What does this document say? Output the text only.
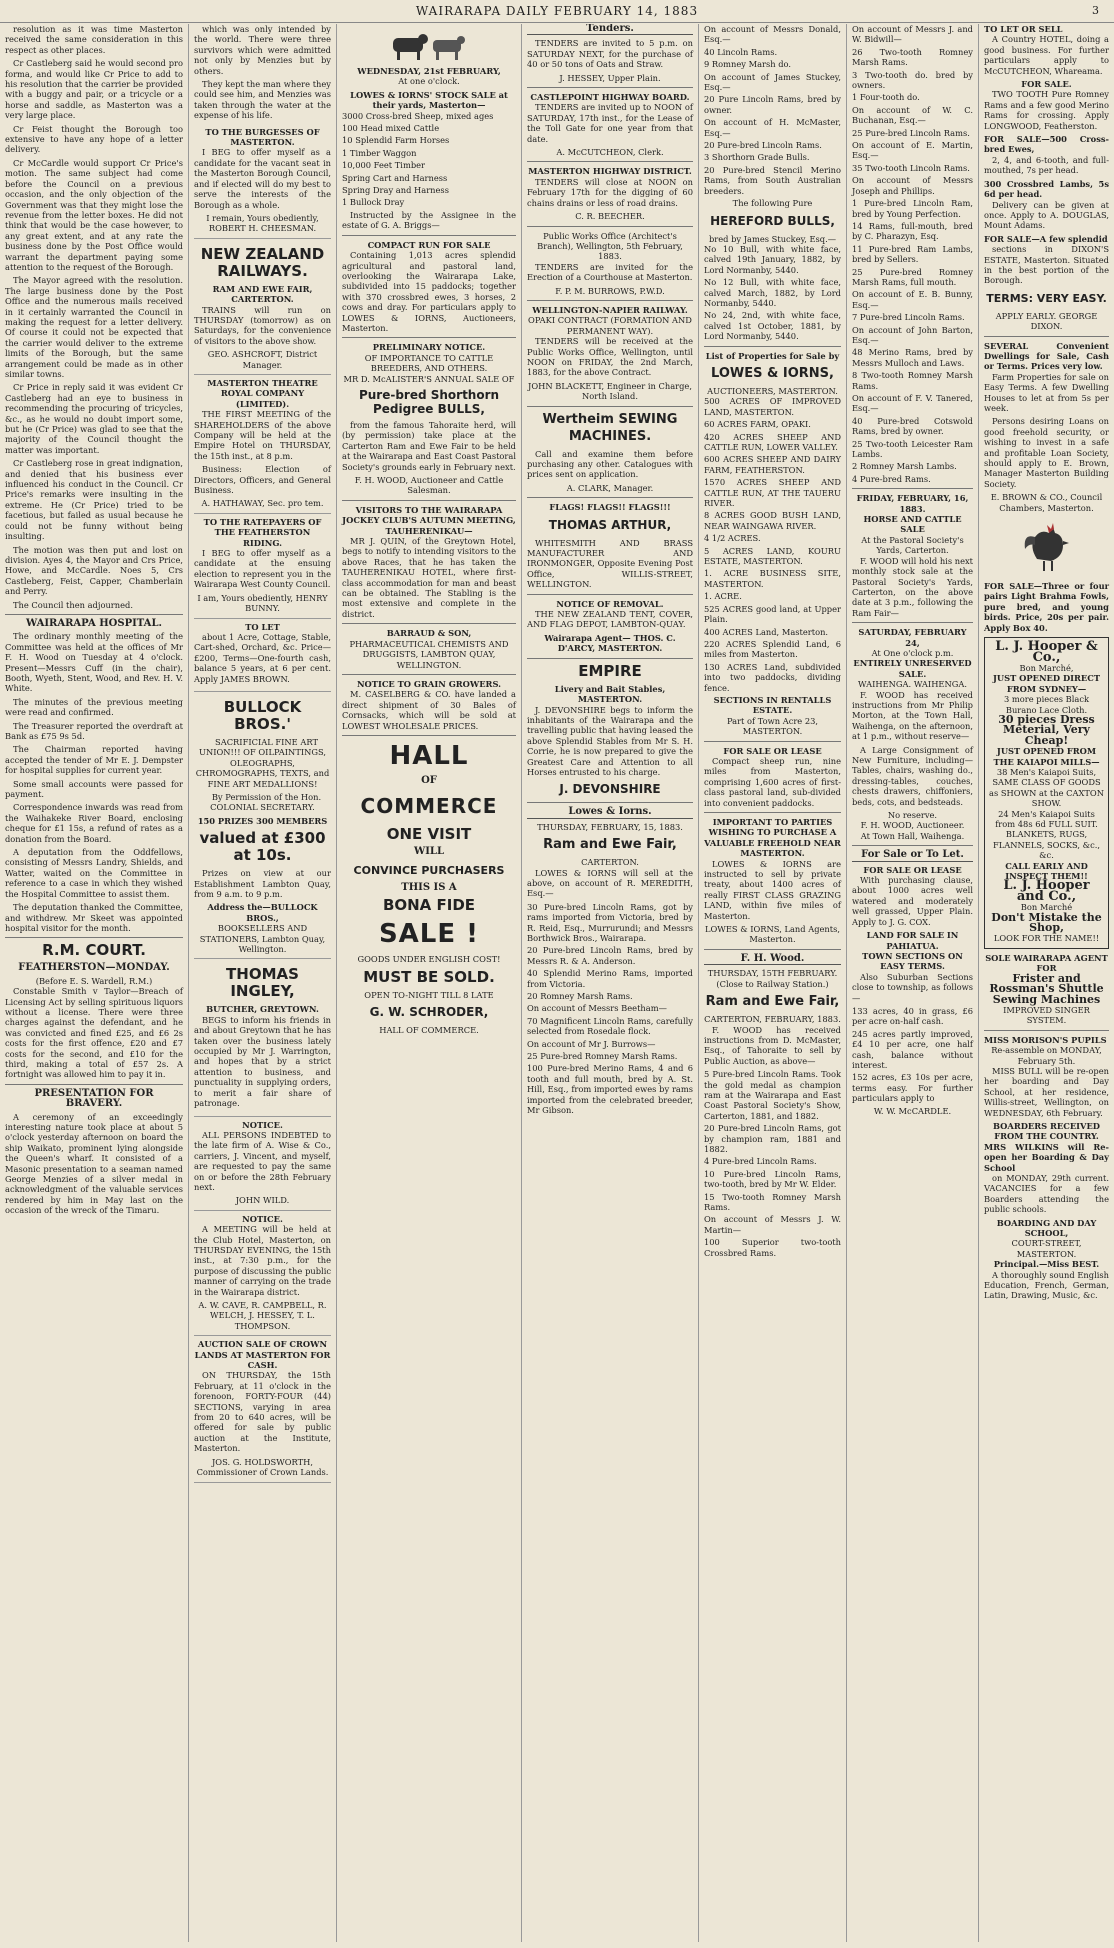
WAIRARAPA DAILY FEBRUARY 14, 1883	3

resolution as it was time Masterton received the same consideration in this respect as other places.

Cr Castleberg said he would second pro forma, and would like Cr Price to add to his resolution that the carrier be provided with a buggy and pair, or a tricycle or a horse and saddle, as Masterton was a very large place.

Cr Feist thought the Borough too extensive to have any hope of a letter delivery.

Cr McCardle would support Cr Price's motion. The same subject had come before the Council on a previous occasion, and the only objection of the Government was that they might lose the revenue from the letter boxes. He did not think that would be the case however, to any great extent, and at any rate the business done by the Post Office would warrant the department paying some attention to the request of the Borough.

The Mayor agreed with the resolution. The large business done by the Post Office and the numerous mails received in it certainly warranted the Council in making the request for a letter delivery. Of course it could not be expected that the carrier would deliver to the extreme limits of the Borough, but the same arrangement could be made as in other similar towns.

Cr Price in reply said it was evident Cr Castleberg had an eye to business in recommending the procuring of tricycles, &c., as he would no doubt import some, but he (Cr Price) was glad to see that the majority of the Council thought the matter was important.

Cr Castleberg rose in great indignation, and denied that his business ever influenced his conduct in the Council. Cr Price's remarks were insulting in the extreme. He (Cr Price) tried to be facetious, but failed as usual because he could not be funny without being insulting.

The motion was then put and lost on division. Ayes 4, the Mayor and Crs Price, Howe, and McCardle. Noes 5, Crs Castleberg, Feist, Capper, Chamberlain and Perry.

The Council then adjourned.

WAIRARAPA HOSPITAL.

The ordinary monthly meeting of the Committee was held at the offices of Mr F. H. Wood on Tuesday at 4 o'clock. Present—Messrs Cuff (in the chair), Booth, Wyeth, Stent, Wood, and Rev. H. V. White.

The minutes of the previous meeting were read and confirmed.

The Treasurer reported the overdraft at Bank as £75 9s 5d.

The Chairman reported having accepted the tender of Mr E. J. Dempster for hospital supplies for current year.

Some small accounts were passed for payment.

Correspondence inwards was read from the Waihakeke River Board, enclosing cheque for £1 15s, a refund of rates as a donation from the Board.

A deputation from the Oddfellows, consisting of Messrs Landry, Shields, and Watter, waited on the Committee in reference to a case in which they wished the Hospital Committee to assist them.

The deputation thanked the Committee, and withdrew. Mr Skeet was appointed hospital visitor for the month.

R.M. COURT.
FEATHERSTON—MONDAY.
(Before E. S. Wardell, R.M.)

Constable Smith v Taylor—Breach of Licensing Act by selling spirituous liquors without a license. There were three charges against the defendant, and he was convicted and fined £25, and £6 2s costs for the first offence, £20 and £7 costs for the second, and £10 for the third, making a total of £57 2s. A fortnight was allowed him to pay it in.

PRESENTATION FOR BRAVERY.

A ceremony of an exceedingly interesting nature took place at about 5 o'clock yesterday afternoon on board the ship Waikato, prominent lying alongside the Queen's wharf. It consisted of a Masonic presentation to a seaman named George Menzies of a silver medal in acknowledgment of the valuable services rendered by him in May last on the occasion of the wreck of the Timaru.

which was only intended by the world. There were three survivors which were admitted not only by Menzies but by others.

They kept the man where they could see him, and Menzies was taken through the water at the expense of his life.

TO THE BURGESSES OF MASTERTON.

I BEG to offer myself as a candidate for the vacant seat in the Masterton Borough Council, and if elected will do my best to serve the interests of the Borough as a whole.

I remain, Yours obediently, ROBERT H. CHEESMAN.
NEW ZEALAND RAILWAYS.
RAM AND EWE FAIR, CARTERTON.

TRAINS will run on THURSDAY (tomorrow) as on Saturdays, for the convenience of visitors to the above show.

GEO. ASHCROFT, District Manager.
MASTERTON THEATRE ROYAL COMPANY (LIMITED).

THE FIRST MEETING of the SHAREHOLDERS of the above Company will be held at the Empire Hotel on THURSDAY, the 15th inst., at 8 p.m.

Business: Election of Directors, Officers, and General Business.

A. HATHAWAY, Sec. pro tem.
TO THE RATEPAYERS OF THE FEATHERSTON RIDING.

I BEG to offer myself as a candidate at the ensuing election to represent you in the Wairarapa West County Council.

I am, Yours obediently, HENRY BUNNY.
TO LET

about 1 Acre, Cottage, Stable, Cart-shed, Orchard, &c. Price—£200, Terms—One-fourth cash, balance 5 years, at 6 per cent. Apply JAMES BROWN.

BULLOCK BROS.'

SACRIFICIAL FINE ART UNION!!! OF OILPAINTINGS, OLEOGRAPHS, CHROMOGRAPHS, TEXTS, and FINE ART MEDALLIONS!

By Permission of the Hon. COLONIAL SECRETARY.

150 PRIZES 300 MEMBERS
valued at £300 at 10s.

Prizes on view at our Establishment Lambton Quay, from 9 a.m. to 9 p.m.

Address the—BULLOCK BROS.,
BOOKSELLERS AND STATIONERS, Lambton Quay, Wellington.
THOMAS INGLEY,
BUTCHER, GREYTOWN.

BEGS to inform his friends in and about Greytown that he has taken over the business lately occupied by Mr J. Warrington, and hopes that by a strict attention to business, and punctuality in supplying orders, to merit a fair share of patronage.

NOTICE.

ALL PERSONS INDEBTED to the late firm of A. Wise & Co., carriers, J. Vincent, and myself, are requested to pay the same on or before the 28th February next.

JOHN WILD.
NOTICE.

A MEETING will be held at the Club Hotel, Masterton, on THURSDAY EVENING, the 15th inst., at 7:30 p.m., for the purpose of discussing the public manner of carrying on the trade in the Wairarapa district.

A. W. CAVE, R. CAMPBELL, R. WELCH, J. HESSEY, T. L. THOMPSON.
AUCTION SALE OF CROWN LANDS AT MASTERTON FOR CASH.

ON THURSDAY, the 15th February, at 11 o'clock in the forenoon, FORTY-FOUR (44) SECTIONS, varying in area from 20 to 640 acres, will be offered for sale by public auction at the Institute, Masterton.

JOS. G. HOLDSWORTH, Commissioner of Crown Lands.
WEDNESDAY, 21st FEBRUARY,
At one o'clock.
LOWES & IORNS' STOCK SALE at their yards, Masterton—
3000 Cross-bred Sheep, mixed ages
100 Head mixed Cattle
10 Splendid Farm Horses
1 Timber Waggon
10,000 Feet Timber
Spring Cart and Harness
Spring Dray and Harness
1 Bullock Dray

Instructed by the Assignee in the estate of G. A. Briggs—

COMPACT RUN FOR SALE

Containing 1,013 acres splendid agricultural and pastoral land, overlooking the Wairarapa Lake, subdivided into 15 paddocks; together with 370 crossbred ewes, 3 horses, 2 cows and dray. For particulars apply to LOWES & IORNS, Auctioneers, Masterton.

PRELIMINARY NOTICE.
OF IMPORTANCE TO CATTLE BREEDERS, AND OTHERS.
MR D. McALISTER'S ANNUAL SALE OF
Pure-bred Shorthorn Pedigree BULLS,

from the famous Tahoraite herd, will (by permission) take place at the Carterton Ram and Ewe Fair to be held at the Wairarapa and East Coast Pastoral Society's grounds early in February next.

F. H. WOOD, Auctioneer and Cattle Salesman.
VISITORS TO THE WAIRARAPA JOCKEY CLUB'S AUTUMN MEETING, TAUHERENIKAU—

MR J. QUIN, of the Greytown Hotel, begs to notify to intending visitors to the above Races, that he has taken the TAUHERENIKAU HOTEL, where first-class accommodation for man and beast can be obtained. The Stabling is the most extensive and complete in the district.

BARRAUD & SON,
PHARMACEUTICAL CHEMISTS AND DRUGGISTS, LAMBTON QUAY, WELLINGTON.
NOTICE TO GRAIN GROWERS.

M. CASELBERG & CO. have landed a direct shipment of 30 Bales of Cornsacks, which will be sold at LOWEST WHOLESALE PRICES.

HALL
OF
COMMERCE
ONE VISIT
WILL
CONVINCE PURCHASERS
THIS IS A
BONA FIDE
SALE !
GOODS UNDER ENGLISH COST!
MUST BE SOLD.
OPEN TO-NIGHT TILL 8 LATE
G. W. SCHRODER,
HALL OF COMMERCE.
Tenders.

TENDERS are invited to 5 p.m. on SATURDAY NEXT, for the purchase of 40 or 50 tons of Oats and Straw.

J. HESSEY, Upper Plain.
CASTLEPOINT HIGHWAY BOARD.

TENDERS are invited up to NOON of SATURDAY, 17th inst., for the Lease of the Toll Gate for one year from that date.

A. McCUTCHEON, Clerk.
MASTERTON HIGHWAY DISTRICT.

TENDERS will close at NOON on February 17th for the digging of 60 chains drains or less of road drains.

C. R. BEECHER.
Public Works Office (Architect's Branch), Wellington, 5th February, 1883.

TENDERS are invited for the Erection of a Courthouse at Masterton.

F. P. M. BURROWS, P.W.D.
WELLINGTON-NAPIER RAILWAY.
OPAKI CONTRACT (FORMATION AND PERMANENT WAY).

TENDERS will be received at the Public Works Office, Wellington, until NOON on FRIDAY, the 2nd March, 1883, for the above Contract.

JOHN BLACKETT, Engineer in Charge, North Island.
Wertheim SEWING MACHINES.

Call and examine them before purchasing any other. Catalogues with prices sent on application.

A. CLARK, Manager.
FLAGS! FLAGS!! FLAGS!!!
THOMAS ARTHUR,

WHITESMITH AND BRASS MANUFACTURER AND IRONMONGER, Opposite Evening Post Office, WILLIS-STREET, WELLINGTON.

NOTICE OF REMOVAL.

THE NEW ZEALAND TENT, COVER, AND FLAG DEPOT, LAMBTON-QUAY.

Wairarapa Agent— THOS. C. D'ARCY, MASTERTON.
EMPIRE
Livery and Bait Stables, MASTERTON.

J. DEVONSHIRE begs to inform the inhabitants of the Wairarapa and the travelling public that having leased the above Splendid Stables from Mr S. H. Corrie, he is now prepared to give the Greatest Care and Attention to all Horses entrusted to his charge.

J. DEVONSHIRE
Lowes & Iorns.
THURSDAY, FEBRUARY, 15, 1883.
Ram and Ewe Fair,
CARTERTON.

LOWES & IORNS will sell at the above, on account of R. MEREDITH, Esq.—

30 Pure-bred Lincoln Rams, got by rams imported from Victoria, bred by R. Reid, Esq., Murrurundi; and Messrs Borthwick Bros., Wairarapa.
20 Pure-bred Lincoln Rams, bred by Messrs R. & A. Anderson.
40 Splendid Merino Rams, imported from Victoria.
20 Romney Marsh Rams.
On account of Messrs Beetham—
70 Magnificent Lincoln Rams, carefully selected from Rosedale flock.
On account of Mr J. Burrows—
25 Pure-bred Romney Marsh Rams.
100 Pure-bred Merino Rams, 4 and 6 tooth and full mouth, bred by A. St. Hill, Esq., from imported ewes by rams imported from the celebrated breeder, Mr Gibson.
On account of Messrs Donald, Esq.—
40 Lincoln Rams.
9 Romney Marsh do.
On account of James Stuckey, Esq.—
20 Pure Lincoln Rams, bred by owner.
On account of H. McMaster, Esq.—
20 Pure-bred Lincoln Rams.
3 Shorthorn Grade Bulls.
20 Pure-bred Stencil Merino Rams, from South Australian breeders.
The following Pure
HEREFORD BULLS,
bred by James Stuckey, Esq.—
No 10 Bull, with white face, calved 19th January, 1882, by Lord Normanby, 5440.
No 12 Bull, with white face, calved March, 1882, by Lord Normanby, 5440.
No 24, 2nd, with white face, calved 1st October, 1881, by Lord Normanby, 5440.
List of Properties for Sale by
LOWES & IORNS,
AUCTIONEERS, MASTERTON.
500 ACRES OF IMPROVED LAND, MASTERTON.
60 ACRES FARM, OPAKI.
420 ACRES SHEEP AND CATTLE RUN, LOWER VALLEY.
600 ACRES SHEEP AND DAIRY FARM, FEATHERSTON.
1570 ACRES SHEEP AND CATTLE RUN, AT THE TAUERU RIVER.
8 ACRES GOOD BUSH LAND, NEAR WAINGAWA RIVER.
4 1/2 ACRES.
5 ACRES LAND, KOURU ESTATE, MASTERTON.
1. ACRE BUSINESS SITE, MASTERTON.
1. ACRE.
525 ACRES good land, at Upper Plain.
400 ACRES Land, Masterton.
220 ACRES Splendid Land, 6 miles from Masterton.
130 ACRES Land, subdivided into two paddocks, dividing fence.
SECTIONS IN RENTALLS ESTATE.
Part of Town Acre 23, MASTERTON.
FOR SALE OR LEASE

Compact sheep run, nine miles from Masterton, comprising 1,600 acres of first-class pastoral land, sub-divided into convenient paddocks.

IMPORTANT TO PARTIES WISHING TO PURCHASE A VALUABLE FREEHOLD NEAR MASTERTON.

LOWES & IORNS are instructed to sell by private treaty, about 1400 acres of really FIRST CLASS GRAZING LAND, within five miles of Masterton.

LOWES & IORNS, Land Agents, Masterton.
F. H. Wood.
THURSDAY, 15TH FEBRUARY.
(Close to Railway Station.)
Ram and Ewe Fair,
CARTERTON, FEBRUARY, 1883.

F. WOOD has received instructions from D. McMaster, Esq., of Tahoraite to sell by Public Auction, as above—

5 Pure-bred Lincoln Rams. Took the gold medal as champion ram at the Wairarapa and East Coast Pastoral Society's Show, Carterton, 1881, and 1882.
20 Pure-bred Lincoln Rams, got by champion ram, 1881 and 1882.
4 Pure-bred Lincoln Rams.
10 Pure-bred Lincoln Rams, two-tooth, bred by Mr W. Elder.
15 Two-tooth Romney Marsh Rams.
On account of Messrs J. W. Martin—
100 Superior two-tooth Crossbred Rams.
On account of Messrs J. and W. Bidwill—
26 Two-tooth Romney Marsh Rams.
3 Two-tooth do. bred by owners.
1 Four-tooth do.
On account of W. C. Buchanan, Esq.—
25 Pure-bred Lincoln Rams.
On account of E. Martin, Esq.—
35 Two-tooth Lincoln Rams.
On account of Messrs Joseph and Phillips.
1 Pure-bred Lincoln Ram, bred by Young Perfection.
14 Rams, full-mouth, bred by C. Pharazyn, Esq.
11 Pure-bred Ram Lambs, bred by Sellers.
25 Pure-bred Romney Marsh Rams, full mouth.
On account of E. B. Bunny, Esq.—
7 Pure-bred Lincoln Rams.
On account of John Barton, Esq.—
48 Merino Rams, bred by Messrs Mulloch and Laws.
8 Two-tooth Romney Marsh Rams.
On account of F. V. Tanered, Esq.—
40 Pure-bred Cotswold Rams, bred by owner.
25 Two-tooth Leicester Ram Lambs.
2 Romney Marsh Lambs.
4 Pure-bred Rams.
FRIDAY, FEBRUARY, 16, 1883.
HORSE AND CATTLE SALE
At the Pastoral Society's Yards, Carterton.

F. WOOD will hold his next monthly stock sale at the Pastoral Society's Yards, Carterton, on the above date at 3 p.m., following the Ram Fair—

SATURDAY, FEBRUARY 24,
At One o'clock p.m.
ENTIRELY UNRESERVED SALE.
WAIHENGA. WAIHENGA.

F. WOOD has received instructions from Mr Philip Morton, at the Town Hall, Waihenga, on the afternoon, at 1 p.m., without reserve—

A Large Consignment of New Furniture, including—Tables, chairs, washing do., dressing-tables, couches, chests drawers, chiffoniers, beds, cots, and bedsteads.

No reserve.
F. H. WOOD, Auctioneer.
At Town Hall, Waihenga.
For Sale or To Let.
FOR SALE OR LEASE

With purchasing clause, about 1000 acres well watered and moderately well grassed, Upper Plain. Apply to J. G. COX.

LAND FOR SALE IN PAHIATUA.
TOWN SECTIONS ON EASY TERMS.

Also Suburban Sections close to township, as follows—

133 acres, 40 in grass, £6 per acre on-half cash.
245 acres partly improved, £4 10 per acre, one half cash, balance without interest.
152 acres, £3 10s per acre, terms easy. For further particulars apply to
W. W. McCARDLE.
TO LET OR SELL

A Country HOTEL, doing a good business. For further particulars apply to McCUTCHEON, Whareama.

FOR SALE.

TWO TOOTH Pure Romney Rams and a few good Merino Rams for crossing. Apply LONGWOOD, Featherston.

FOR SALE—500 Cross-bred Ewes,

2, 4, and 6-tooth, and full-mouthed, 7s per head.

300 Crossbred Lambs, 5s 6d per head.

Delivery can be given at once. Apply to A. DOUGLAS, Mount Adams.

FOR SALE—A few splendid

sections in DIXON'S ESTATE, Masterton. Situated in the best portion of the Borough.

TERMS: VERY EASY.
APPLY EARLY. GEORGE DIXON.
SEVERAL Convenient Dwellings for Sale, Cash or Terms. Prices very low.

Farm Properties for sale on Easy Terms. A few Dwelling Houses to let at from 5s per week.

Persons desiring Loans on good freehold security, or wishing to invest in a safe and profitable Loan Society, should apply to E. Brown, Manager Masterton Building Society.

E. BROWN & CO., Council Chambers, Masterton.
FOR SALE—Three or four pairs Light Brahma Fowls, pure bred, and young birds. Price, 20s per pair. Apply Box 40.
L. J. Hooper & Co.,
Bon Marché,
JUST OPENED DIRECT FROM SYDNEY—
3 more pieces Black Burano Lace Cloth.
30 pieces Dress Meterial, Very Cheap!
JUST OPENED FROM THE KAIAPOI MILLS—
38 Men's Kaiapoi Suits, SAME CLASS OF GOODS as SHOWN at the CAXTON SHOW.
24 Men's Kaiapoi Suits from 48s 6d FULL SUIT.
BLANKETS, RUGS, FLANNELS, SOCKS, &c., &c.
CALL EARLY AND INSPECT THEM!!
L. J. Hooper and Co.,
Bon Marché
Don't Mistake the Shop,
LOOK FOR THE NAME!!
SOLE WAIRARAPA AGENT FOR
Frister and Rossman's Shuttle Sewing Machines
IMPROVED SINGER SYSTEM.
MISS MORISON'S PUPILS
Re-assemble on MONDAY, February 5th.

MISS BULL will be re-open her boarding and Day School, at her residence, Willis-street, Wellington, on WEDNESDAY, 6th February.

BOARDERS RECEIVED FROM THE COUNTRY.
MRS WILKINS will Re-open her Boarding & Day School

on MONDAY, 29th current. VACANCIES for a few Boarders attending the public schools.

BOARDING AND DAY SCHOOL,
COURT-STREET, MASTERTON.
Principal.—Miss BEST.

A thoroughly sound English Education, French, German, Latin, Drawing, Music, &c.
